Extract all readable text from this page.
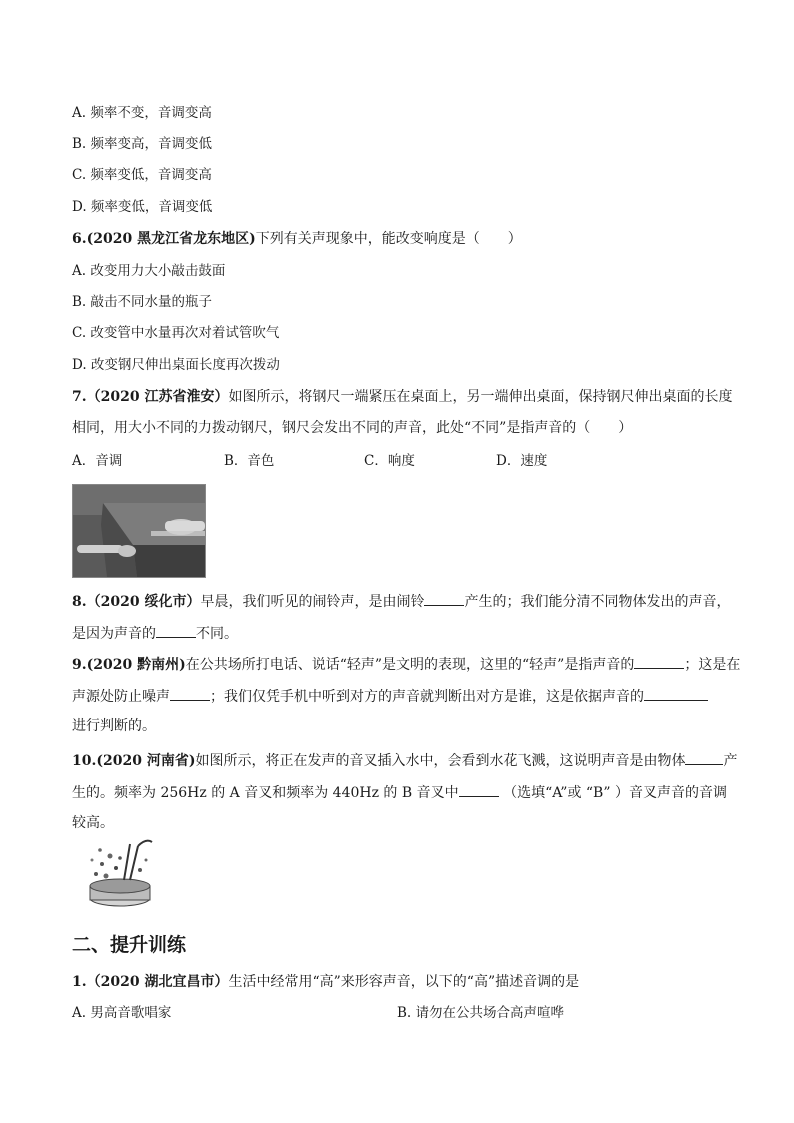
A. 频率不变，音调变高
B. 频率变高，音调变低
C. 频率变低，音调变高
D. 频率变低，音调变低
6.(2020 黑龙江省龙东地区)下列有关声现象中，能改变响度是（　　）
A. 改变用力大小敲击鼓面
B. 敲击不同水量的瓶子
C. 改变管中水量再次对着试管吹气
D. 改变钢尺伸出桌面长度再次拨动
7.（2020 江苏省淮安）如图所示，将钢尺一端紧压在桌面上，另一端伸出桌面，保持钢尺伸出桌面的长度
相同，用大小不同的力拨动钢尺，钢尺会发出不同的声音，此处“不同”是指声音的（　　）
A．音调	B．音色	C．响度	D．速度
8.（2020 绥化市）早晨，我们听见的闹铃声，是由闹铃	产生的；我们能分清不同物体发出的声音，
是因为声音的	不同。
9.(2020 黔南州)在公共场所打电话、说话“轻声”是文明的表现，这里的“轻声”是指声音的	；这是在
声源处防止噪声	；我们仅凭手机中听到对方的声音就判断出对方是谁，这是依据声音的
进行判断的。
10.(2020 河南省)如图所示，将正在发声的音叉插入水中，会看到水花飞溅，这说明声音是由物体	产
生的。频率为 256Hz 的 A 音叉和频率为 440Hz 的 B 音叉中	（选填“A”或 “B” ）音叉声音的音调
较高。
二、提升训练
1.（2020 湖北宜昌市）生活中经常用“高”来形容声音，以下的“高”描述音调的是
A. 男高音歌唱家	B. 请勿在公共场合高声喧哗
